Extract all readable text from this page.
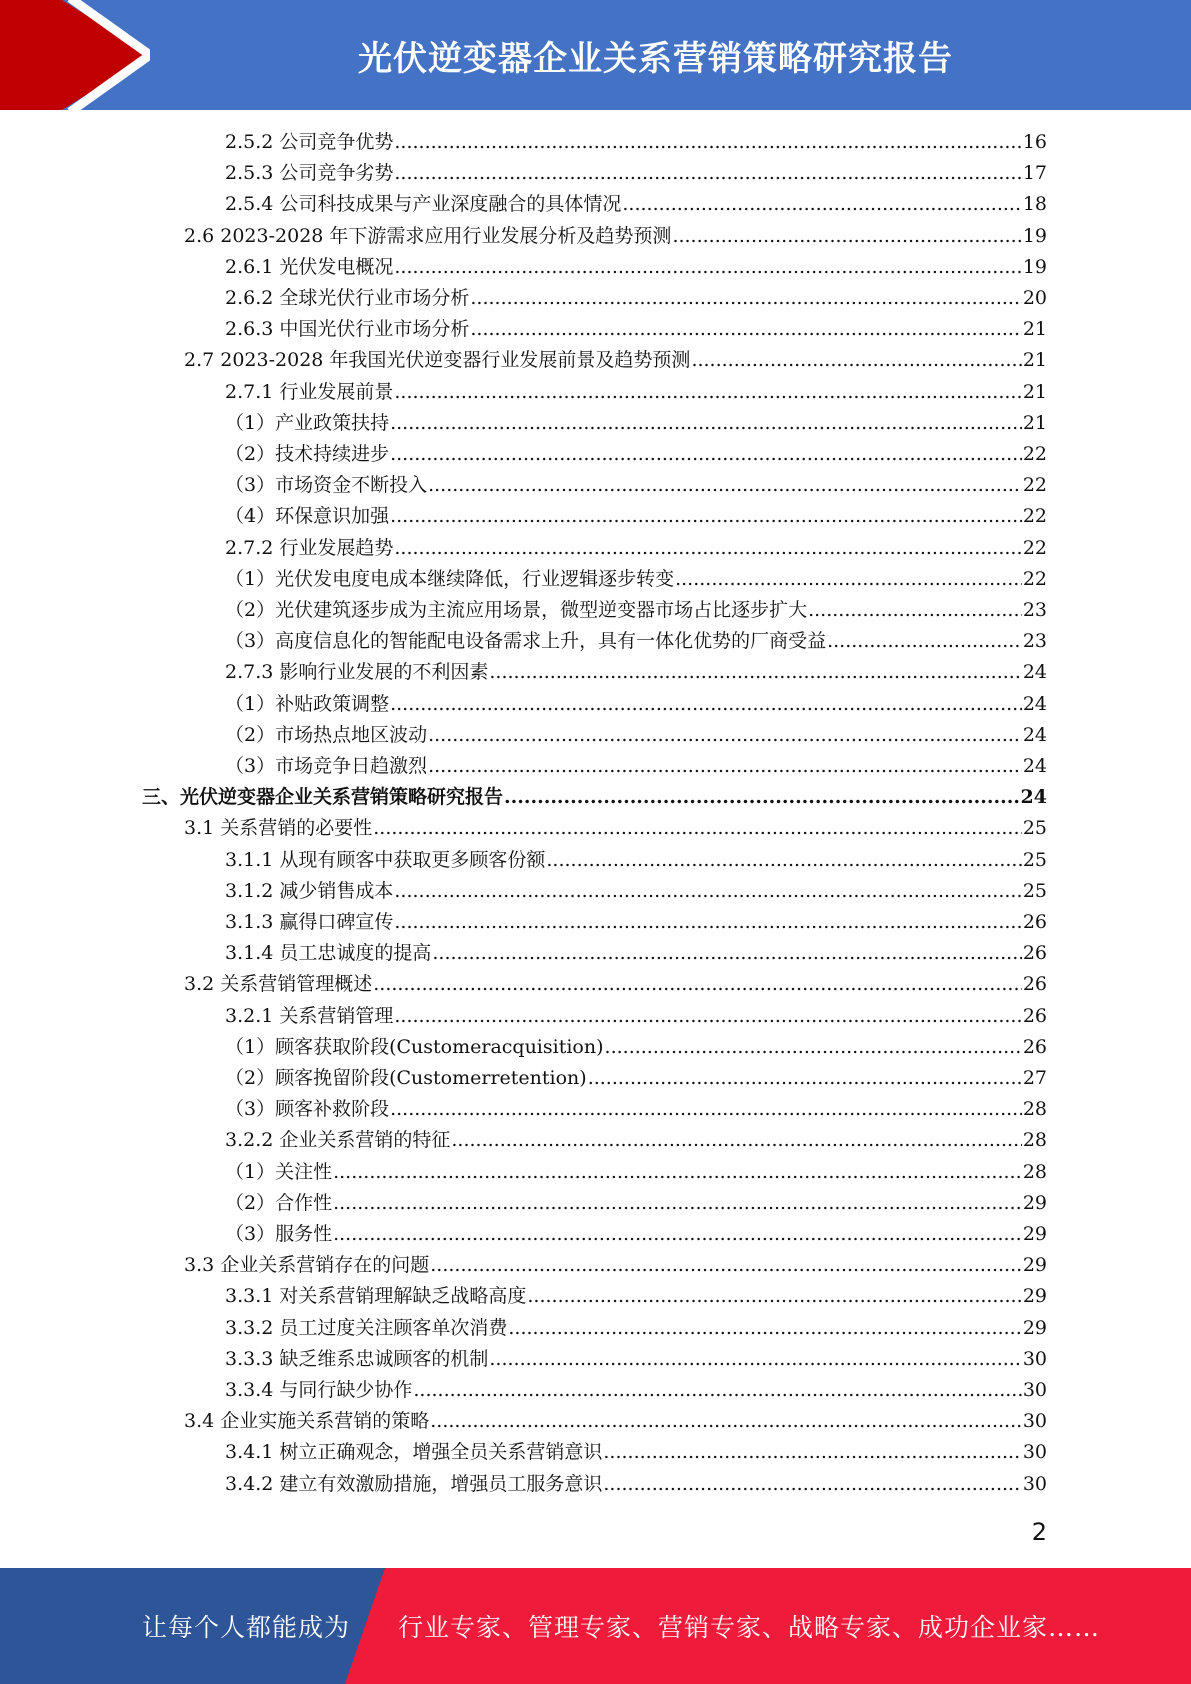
光伏逆变器企业关系营销策略研究报告
2.5.2 公司竞争优势 .....	16
2.5.3 公司竞争劣势 .....	17
2.5.4 公司科技成果与产业深度融合的具体情况 .....	18
2.6 2023-2028 年下游需求应用行业发展分析及趋势预测 .....	19
2.6.1 光伏发电概况 .....	19
2.6.2 全球光伏行业市场分析 .....	20
2.6.3 中国光伏行业市场分析 .....	21
2.7 2023-2028 年我国光伏逆变器行业发展前景及趋势预测 .....	21
2.7.1 行业发展前景 .....	21
（1）产业政策扶持 .....	21
（2）技术持续进步 .....	22
（3）市场资金不断投入 .....	22
（4）环保意识加强 .....	22
2.7.2 行业发展趋势 .....	22
（1）光伏发电度电成本继续降低，行业逻辑逐步转变 .....	22
（2）光伏建筑逐步成为主流应用场景，微型逆变器市场占比逐步扩大 .....	23
（3）高度信息化的智能配电设备需求上升，具有一体化优势的厂商受益 .....	23
2.7.3 影响行业发展的不利因素 .....	24
（1）补贴政策调整 .....	24
（2）市场热点地区波动 .....	24
（3）市场竞争日趋激烈 .....	24
三、光伏逆变器企业关系营销策略研究报告 .....	24
3.1 关系营销的必要性 .....	25
3.1.1 从现有顾客中获取更多顾客份额 .....	25
3.1.2 减少销售成本 .....	25
3.1.3 赢得口碑宣传 .....	26
3.1.4 员工忠诚度的提高 .....	26
3.2 关系营销管理概述 .....	26
3.2.1 关系营销管理 .....	26
（1）顾客获取阶段(Customeracquisition) .....	26
（2）顾客挽留阶段(Customerretention) .....	27
（3）顾客补救阶段 .....	28
3.2.2 企业关系营销的特征 .....	28
（1）关注性 .....	28
（2）合作性 .....	29
（3）服务性 .....	29
3.3 企业关系营销存在的问题 .....	29
3.3.1 对关系营销理解缺乏战略高度 .....	29
3.3.2 员工过度关注顾客单次消费 .....	29
3.3.3 缺乏维系忠诚顾客的机制 .....	30
3.3.4 与同行缺少协作 .....	30
3.4 企业实施关系营销的策略 .....	30
3.4.1 树立正确观念，增强全员关系营销意识 .....	30
3.4.2 建立有效激励措施，增强员工服务意识 .....	30
2
让每个人都能成为 行业专家、管理专家、营销专家、战略专家、成功企业家……
